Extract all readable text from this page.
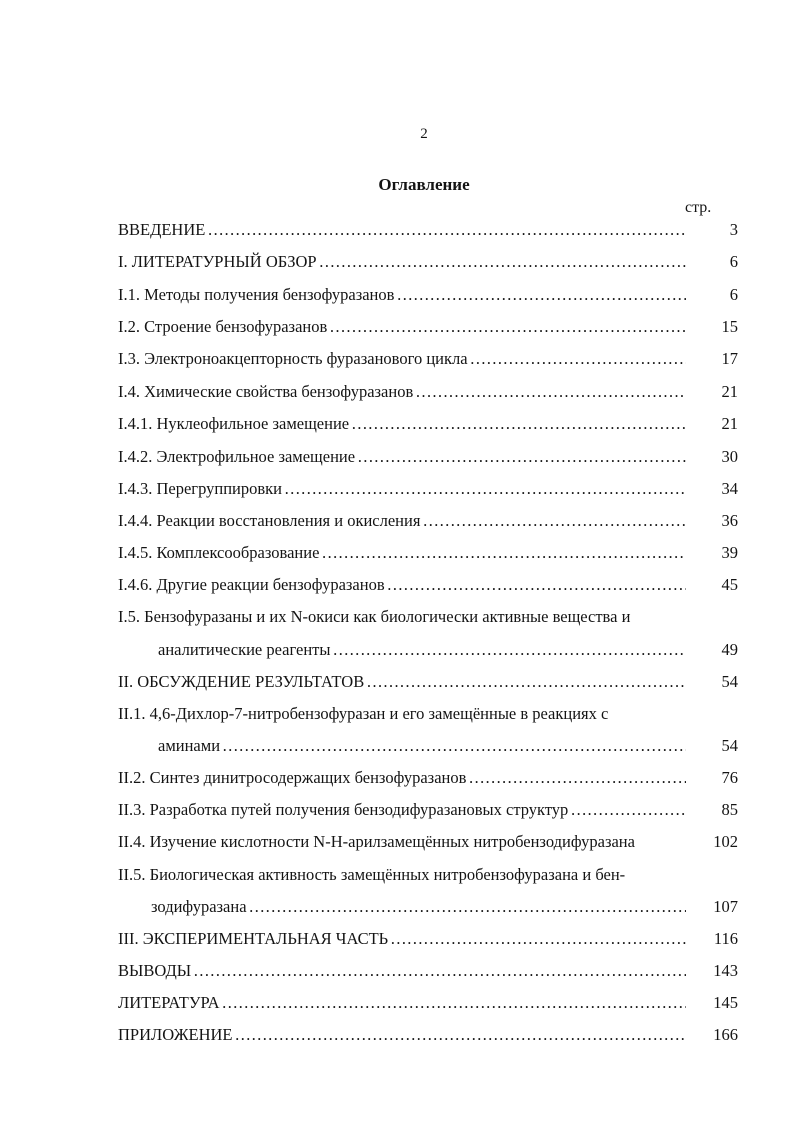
2
Оглавление
стр.
ВВЕДЕНИЕ
……………………………………………………………………………………………………………………………………………………	3
I. ЛИТЕРАТУРНЫЙ ОБЗОР
……………………………………………………………………………………………………………………………………………………	6
I.1. Методы получения бензофуразанов
……………………………………………………………………………………………………………………………………………………	6
I.2. Строение бензофуразанов
……………………………………………………………………………………………………………………………………………………	15
I.3. Электроноакцепторность фуразанового цикла
……………………………………………………………………………………………………………………………………………………	17
I.4. Химические свойства бензофуразанов
……………………………………………………………………………………………………………………………………………………	21
I.4.1. Нуклеофильное замещение
……………………………………………………………………………………………………………………………………………………	21
I.4.2. Электрофильное замещение
……………………………………………………………………………………………………………………………………………………	30
I.4.3. Перегруппировки
……………………………………………………………………………………………………………………………………………………	34
I.4.4. Реакции восстановления и окисления
……………………………………………………………………………………………………………………………………………………	36
I.4.5. Комплексообразование
……………………………………………………………………………………………………………………………………………………	39
I.4.6. Другие реакции бензофуразанов
……………………………………………………………………………………………………………………………………………………	45
I.5. Бензофуразаны и их N-окиси как биологически активные вещества и
аналитические реагенты
……………………………………………………………………………………………………………………………………………………	49
II. ОБСУЖДЕНИЕ РЕЗУЛЬТАТОВ
……………………………………………………………………………………………………………………………………………………	54
II.1. 4,6-Дихлор-7-нитробензофуразан и его замещённые в реакциях с
аминами
……………………………………………………………………………………………………………………………………………………	54
II.2. Синтез динитросодержащих бензофуразанов
……………………………………………………………………………………………………………………………………………………	76
II.3. Разработка путей получения бензодифуразановых структур
……………………………………………………………………………………………………………………………………………………	85
II.4. Изучение кислотности N-H-арилзамещённых нитробензодифуразана	102
II.5. Биологическая активность замещённых нитробензофуразана и бен-
зодифуразана
……………………………………………………………………………………………………………………………………………………	107
III. ЭКСПЕРИМЕНТАЛЬНАЯ ЧАСТЬ
……………………………………………………………………………………………………………………………………………………	116
ВЫВОДЫ
……………………………………………………………………………………………………………………………………………………	143
ЛИТЕРАТУРА
……………………………………………………………………………………………………………………………………………………	145
ПРИЛОЖЕНИЕ
……………………………………………………………………………………………………………………………………………………	166
